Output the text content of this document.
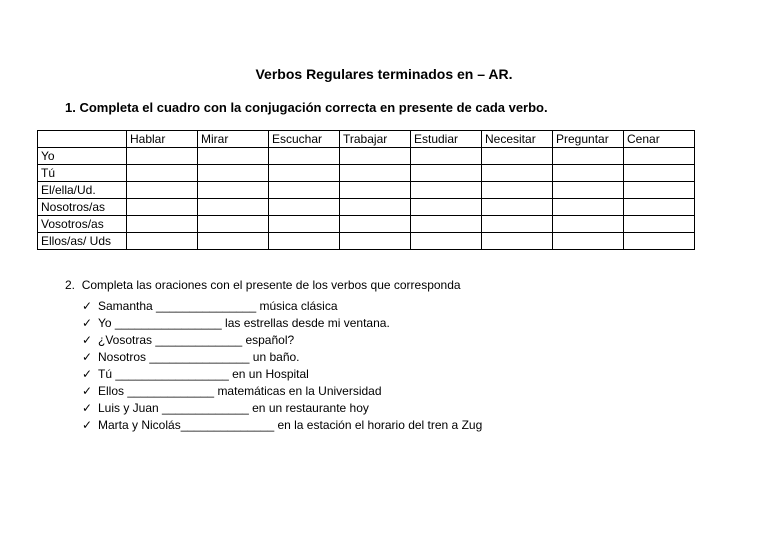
Verbos Regulares terminados en – AR.
1. Completa el cuadro con la conjugación correcta en presente de cada verbo.
	Hablar	Mirar	Escuchar	Trabajar	Estudiar	Necesitar	Preguntar	Cenar
Yo								
Tú								
El/ella/Ud.								
Nosotros/as								
Vosotros/as								
Ellos/as/ Uds								
2. Completa las oraciones con el presente de los verbos que corresponda
✓ Samantha _______________ música clásica
✓ Yo ________________ las estrellas desde mi ventana.
✓ ¿Vosotras _____________ español?
✓ Nosotros _______________ un baño.
✓ Tú _________________ en un Hospital
✓ Ellos _____________ matemáticas en la Universidad
✓ Luis y Juan _____________ en un restaurante hoy
✓ Marta y Nicolás______________ en la estación el horario del tren a Zug
